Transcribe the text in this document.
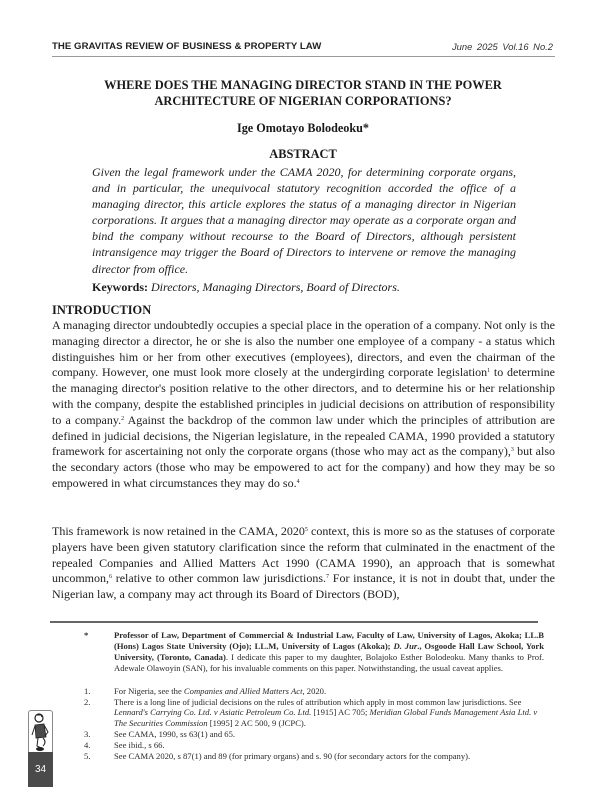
THE GRAVITAS REVIEW OF BUSINESS & PROPERTY LAW	June 2025 Vol.16 No.2
WHERE DOES THE MANAGING DIRECTOR STAND IN THE POWER ARCHITECTURE OF NIGERIAN CORPORATIONS?
Ige Omotayo Bolodeoku*
ABSTRACT
Given the legal framework under the CAMA 2020, for determining corporate organs, and in particular, the unequivocal statutory recognition accorded the office of a managing director, this article explores the status of a managing director in Nigerian corporations. It argues that a managing director may operate as a corporate organ and bind the company without recourse to the Board of Directors, although persistent intransigence may trigger the Board of Directors to intervene or remove the managing director from office.
Keywords: Directors, Managing Directors, Board of Directors.
INTRODUCTION
A managing director undoubtedly occupies a special place in the operation of a company. Not only is the managing director a director, he or she is also the number one employee of a company - a status which distinguishes him or her from other executives (employees), directors, and even the chairman of the company. However, one must look more closely at the undergirding corporate legislation$^1$ to determine the managing director's position relative to the other directors, and to determine his or her relationship with the company, despite the established principles in judicial decisions on attribution of responsibility to a company.$^2$ Against the backdrop of the common law under which the principles of attribution are defined in judicial decisions, the Nigerian legislature, in the repealed CAMA, 1990 provided a statutory framework for ascertaining not only the corporate organs (those who may act as the company),$^3$ but also the secondary actors (those who may be empowered to act for the company) and how they may be so empowered in what circumstances they may do so.$^4$
This framework is now retained in the CAMA, 2020$^5$ context, this is more so as the statuses of corporate players have been given statutory clarification since the reform that culminated in the enactment of the repealed Companies and Allied Matters Act 1990 (CAMA 1990), an approach that is somewhat uncommon,$^6$ relative to other common law jurisdictions.$^7$ For instance, it is not in doubt that, under the Nigerian law, a company may act through its Board of Directors (BOD),
*	Professor of Law, Department of Commercial & Industrial Law, Faculty of Law, University of Lagos, Akoka; LL.B (Hons) Lagos State University (Ojo); LL.M, University of Lagos (Akoka); D. Jur., Osgoode Hall Law School, York University, (Toronto, Canada). I dedicate this paper to my daughter, Bolajoko Esther Bolodeoku. Many thanks to Prof. Adewale Olawoyin (SAN), for his invaluable comments on this paper. Notwithstanding, the usual caveat applies.
1.	For Nigeria, see the Companies and Allied Matters Act, 2020.
2.	There is a long line of judicial decisions on the rules of attribution which apply in most common law jurisdictions. See Lennard's Carrying Co. Ltd. v Asiatic Petroleum Co. Ltd. [1915] AC 705; Meridian Global Funds Management Asia Ltd. v The Securities Commission [1995] 2 AC 500, 9 (JCPC).
3.	See CAMA, 1990, ss 63(1) and 65.
4.	See ibid., s 66.
5.	See CAMA 2020, s 87(1) and 89 (for primary organs) and s. 90 (for secondary actors for the company).
34
